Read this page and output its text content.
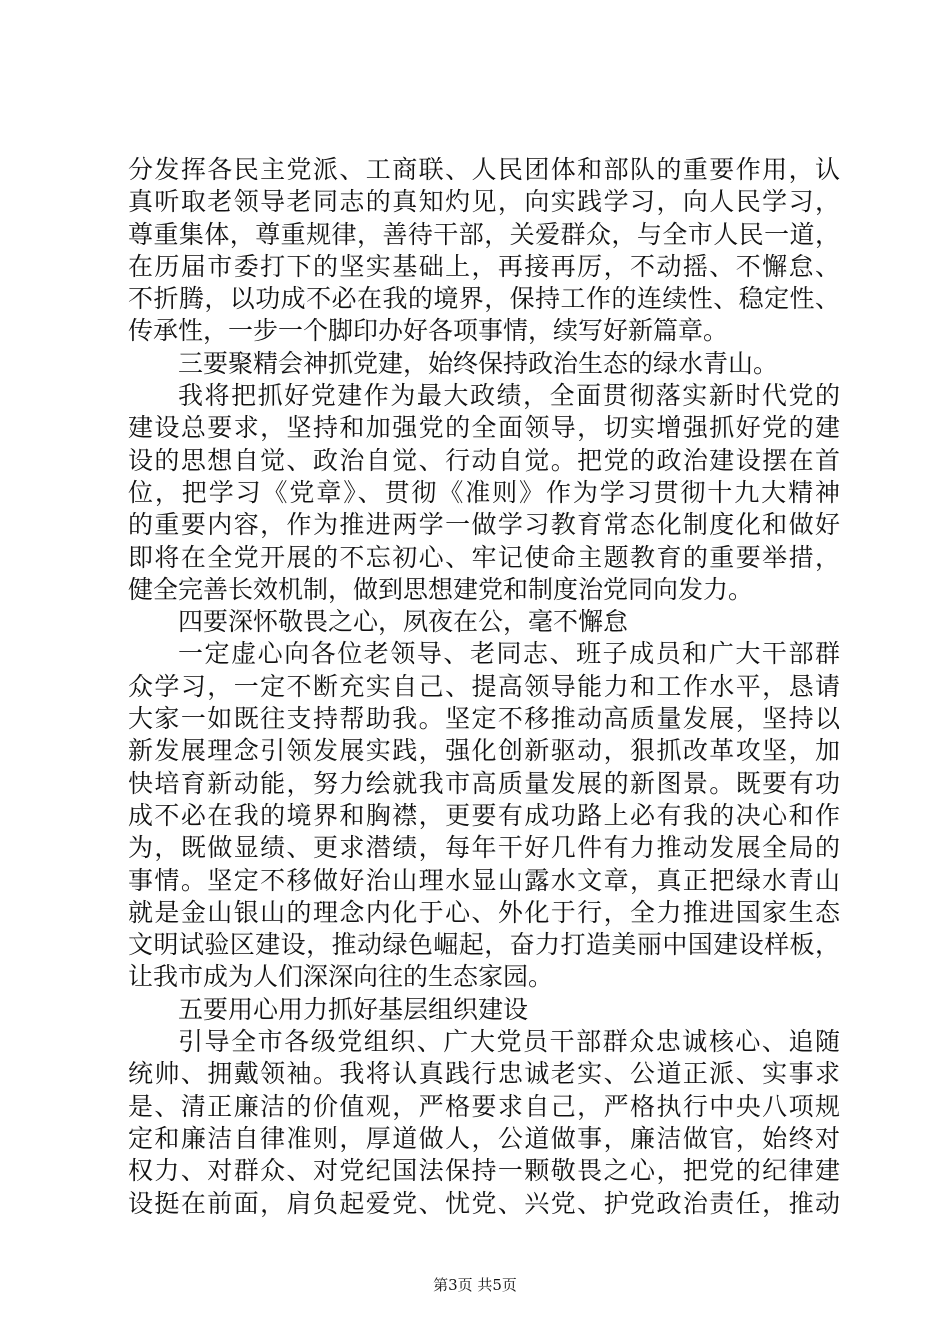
分发挥各民主党派、工商联、人民团体和部队的重要作用，认
真听取老领导老同志的真知灼见，向实践学习，向人民学习，
尊重集体，尊重规律，善待干部，关爱群众，与全市人民一道，
在历届市委打下的坚实基础上，再接再厉，不动摇、不懈怠、
不折腾，以功成不必在我的境界，保持工作的连续性、稳定性、
传承性，一步一个脚印办好各项事情，续写好新篇章。
三要聚精会神抓党建，始终保持政治生态的绿水青山。
我将把抓好党建作为最大政绩，全面贯彻落实新时代党的
建设总要求，坚持和加强党的全面领导，切实增强抓好党的建
设的思想自觉、政治自觉、行动自觉。把党的政治建设摆在首
位，把学习《党章》、贯彻《准则》作为学习贯彻十九大精神
的重要内容，作为推进两学一做学习教育常态化制度化和做好
即将在全党开展的不忘初心、牢记使命主题教育的重要举措，
健全完善长效机制，做到思想建党和制度治党同向发力。
四要深怀敬畏之心，夙夜在公，毫不懈怠
一定虚心向各位老领导、老同志、班子成员和广大干部群
众学习，一定不断充实自己、提高领导能力和工作水平，恳请
大家一如既往支持帮助我。坚定不移推动高质量发展，坚持以
新发展理念引领发展实践，强化创新驱动，狠抓改革攻坚，加
快培育新动能，努力绘就我市高质量发展的新图景。既要有功
成不必在我的境界和胸襟，更要有成功路上必有我的决心和作
为，既做显绩、更求潜绩，每年干好几件有力推动发展全局的
事情。坚定不移做好治山理水显山露水文章，真正把绿水青山
就是金山银山的理念内化于心、外化于行，全力推进国家生态
文明试验区建设，推动绿色崛起，奋力打造美丽中国建设样板，
让我市成为人们深深向往的生态家园。
五要用心用力抓好基层组织建设
引导全市各级党组织、广大党员干部群众忠诚核心、追随
统帅、拥戴领袖。我将认真践行忠诚老实、公道正派、实事求
是、清正廉洁的价值观，严格要求自己，严格执行中央八项规
定和廉洁自律准则，厚道做人，公道做事，廉洁做官，始终对
权力、对群众、对党纪国法保持一颗敬畏之心，把党的纪律建
设挺在前面，肩负起爱党、忧党、兴党、护党政治责任，推动
第3页 共5页
